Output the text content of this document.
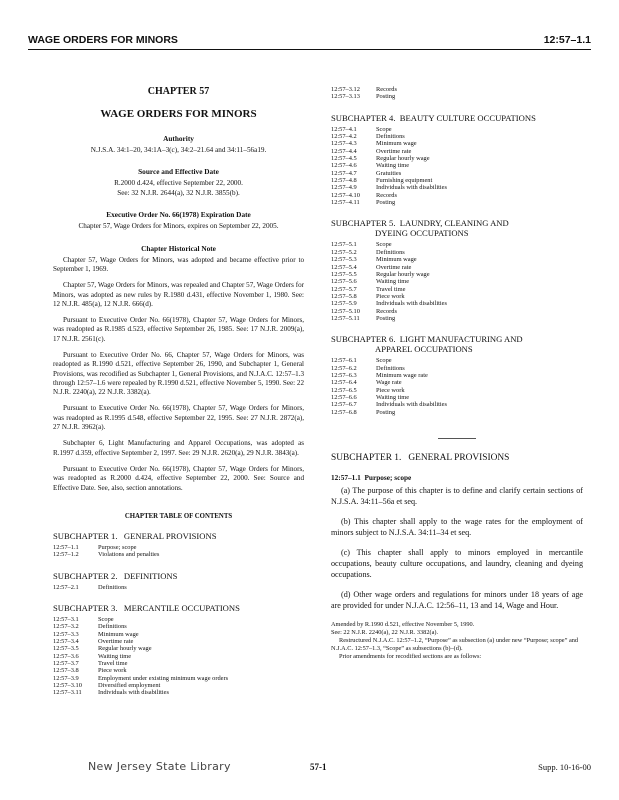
WAGE ORDERS FOR MINORS	12:57–1.1
CHAPTER 57
WAGE ORDERS FOR MINORS
Authority
N.J.S.A. 34:1–20, 34:1A–3(c), 34:2–21.64 and 34:11–56a19.
Source and Effective Date
R.2000 d.424, effective September 22, 2000.
See: 32 N.J.R. 2644(a), 32 N.J.R. 3855(b).
Executive Order No. 66(1978) Expiration Date
Chapter 57, Wage Orders for Minors, expires on September 22, 2005.
Chapter Historical Note

Chapter 57, Wage Orders for Minors, was adopted and became effective prior to September 1, 1969.

Chapter 57, Wage Orders for Minors, was repealed and Chapter 57, Wage Orders for Minors, was adopted as new rules by R.1980 d.431, effective November 1, 1980. See: 12 N.J.R. 485(a), 12 N.J.R. 666(d).

Pursuant to Executive Order No. 66(1978), Chapter 57, Wage Orders for Minors, was readopted as R.1985 d.523, effective September 26, 1985. See: 17 N.J.R. 2009(a), 17 N.J.R. 2561(c).

Pursuant to Executive Order No. 66, Chapter 57, Wage Orders for Minors, was readopted as R.1990 d.521, effective September 26, 1990, and Subchapter 1, General Provisions, was recodified as Subchapter 1, General Provisions, and N.J.A.C. 12:57–1.3 through 12:57–1.6 were repealed by R.1990 d.521, effective November 5, 1990. See: 22 N.J.R. 2240(a), 22 N.J.R. 3382(a).

Pursuant to Executive Order No. 66(1978), Chapter 57, Wage Orders for Minors, was readopted as R.1995 d.548, effective September 22, 1995. See: 27 N.J.R. 2872(a), 27 N.J.R. 3962(a).

Subchapter 6, Light Manufacturing and Apparel Occupations, was adopted as R.1997 d.359, effective September 2, 1997. See: 29 N.J.R. 2620(a), 29 N.J.R. 3843(a).

Pursuant to Executive Order No. 66(1978), Chapter 57, Wage Orders for Minors, was readopted as R.2000 d.424, effective September 22, 2000. See: Source and Effective Date. See, also, section annotations.

CHAPTER TABLE OF CONTENTS
SUBCHAPTER 1. GENERAL PROVISIONS
12:57–1.1	Purpose; scope
12:57–1.2	Violations and penalties
SUBCHAPTER 2. DEFINITIONS
12:57–2.1	Definitions
SUBCHAPTER 3. MERCANTILE OCCUPATIONS
12:57–3.1	Scope
12:57–3.2	Definitions
12:57–3.3	Minimum wage
12:57–3.4	Overtime rate
12:57–3.5	Regular hourly wage
12:57–3.6	Waiting time
12:57–3.7	Travel time
12:57–3.8	Piece work
12:57–3.9	Employment under existing minimum wage orders
12:57–3.10	Diversified employment
12:57–3.11	Individuals with disabilities
12:57–3.12	Records
12:57–3.13	Posting
SUBCHAPTER 4. BEAUTY CULTURE OCCUPATIONS
12:57–4.1	Scope
12:57–4.2	Definitions
12:57–4.3	Minimum wage
12:57–4.4	Overtime rate
12:57–4.5	Regular hourly wage
12:57–4.6	Waiting time
12:57–4.7	Gratuities
12:57–4.8	Furnishing equipment
12:57–4.9	Individuals with disabilities
12:57–4.10	Records
12:57–4.11	Posting
SUBCHAPTER 5. LAUNDRY, CLEANING AND
DYEING OCCUPATIONS
12:57–5.1	Scope
12:57–5.2	Definitions
12:57–5.3	Minimum wage
12:57–5.4	Overtime rate
12:57–5.5	Regular hourly wage
12:57–5.6	Waiting time
12:57–5.7	Travel time
12:57–5.8	Piece work
12:57–5.9	Individuals with disabilities
12:57–5.10	Records
12:57–5.11	Posting
SUBCHAPTER 6. LIGHT MANUFACTURING AND
APPAREL OCCUPATIONS
12:57–6.1	Scope
12:57–6.2	Definitions
12:57–6.3	Minimum wage rate
12:57–6.4	Wage rate
12:57–6.5	Piece work
12:57–6.6	Waiting time
12:57–6.7	Individuals with disabilities
12:57–6.8	Posting
SUBCHAPTER 1. GENERAL PROVISIONS
12:57–1.1 Purpose; scope

(a) The purpose of this chapter is to define and clarify certain sections of N.J.S.A. 34:11–56a et seq.

(b) This chapter shall apply to the wage rates for the employment of minors subject to N.J.S.A. 34:11–34 et seq.

(c) This chapter shall apply to minors employed in mercantile occupations, beauty culture occupations, and laundry, cleaning and dyeing occupations.

(d) Other wage orders and regulations for minors under 18 years of age are provided for under N.J.A.C. 12:56–11, 13 and 14, Wage and Hour.

Amended by R.1990 d.521, effective November 5, 1990.
See: 22 N.J.R. 2240(a), 22 N.J.R. 3382(a).
Restructured N.J.A.C. 12:57–1.2, “Purpose” as subsection (a) under new “Purpose; scope” and N.J.A.C. 12:57–1.3, “Scope” as subsections (b)–(d).
Prior amendments for recodified sections are as follows:
New Jersey State Library	57-1	Supp. 10-16-00
